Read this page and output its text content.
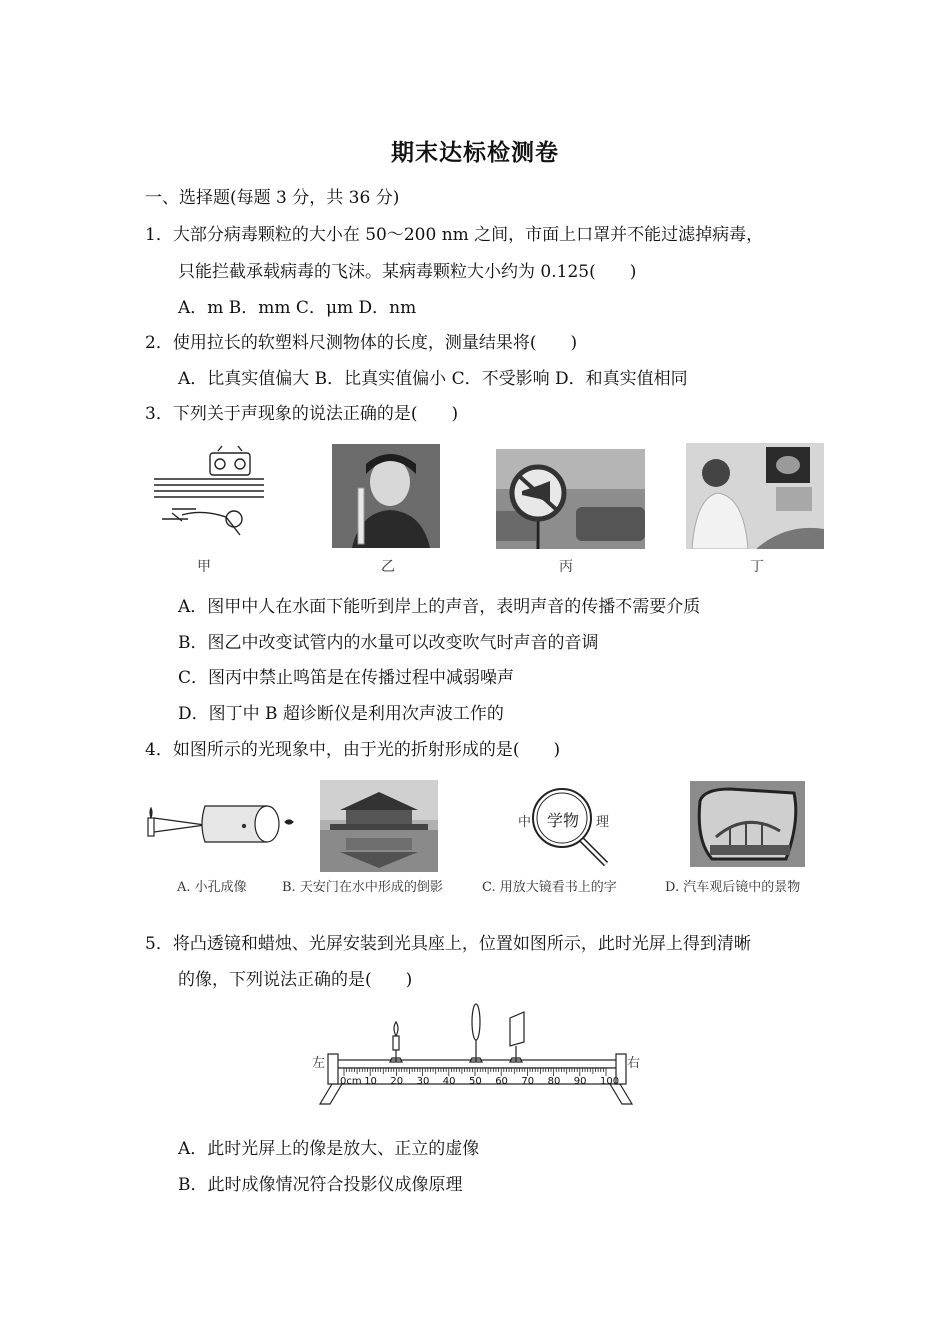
期末达标检测卷
一、选择题(每题 3 分，共 36 分)
1．大部分病毒颗粒的大小在 50～200 nm 之间，市面上口罩并不能过滤掉病毒，
只能拦截承载病毒的飞沫。某病毒颗粒大小约为 0.125(　　)
A．m B．mm C．μm D．nm
2．使用拉长的软塑料尺测物体的长度，测量结果将(　　)
A．比真实值偏大 B．比真实值偏小 C．不受影响 D．和真实值相同
3．下列关于声现象的说法正确的是(　　)
甲	乙	丙	丁
A．图甲中人在水面下能听到岸上的声音，表明声音的传播不需要介质
B．图乙中改变试管内的水量可以改变吹气时声音的音调
C．图丙中禁止鸣笛是在传播过程中减弱噪声
D．图丁中 B 超诊断仪是利用次声波工作的
4．如图所示的光现象中，由于光的折射形成的是(　　)
A. 小孔成像	B. 天安门在水中形成的倒影
中 学物 理
C. 用放大镜看书上的字	D. 汽车观后镜中的景物
5．将凸透镜和蜡烛、光屏安装到光具座上，位置如图所示，此时光屏上得到清晰
的像，下列说法正确的是(　　)
左	右
0cm 10 20 30 40 50 60 70 80 90 100
A．此时光屏上的像是放大、正立的虚像
B．此时成像情况符合投影仪成像原理
